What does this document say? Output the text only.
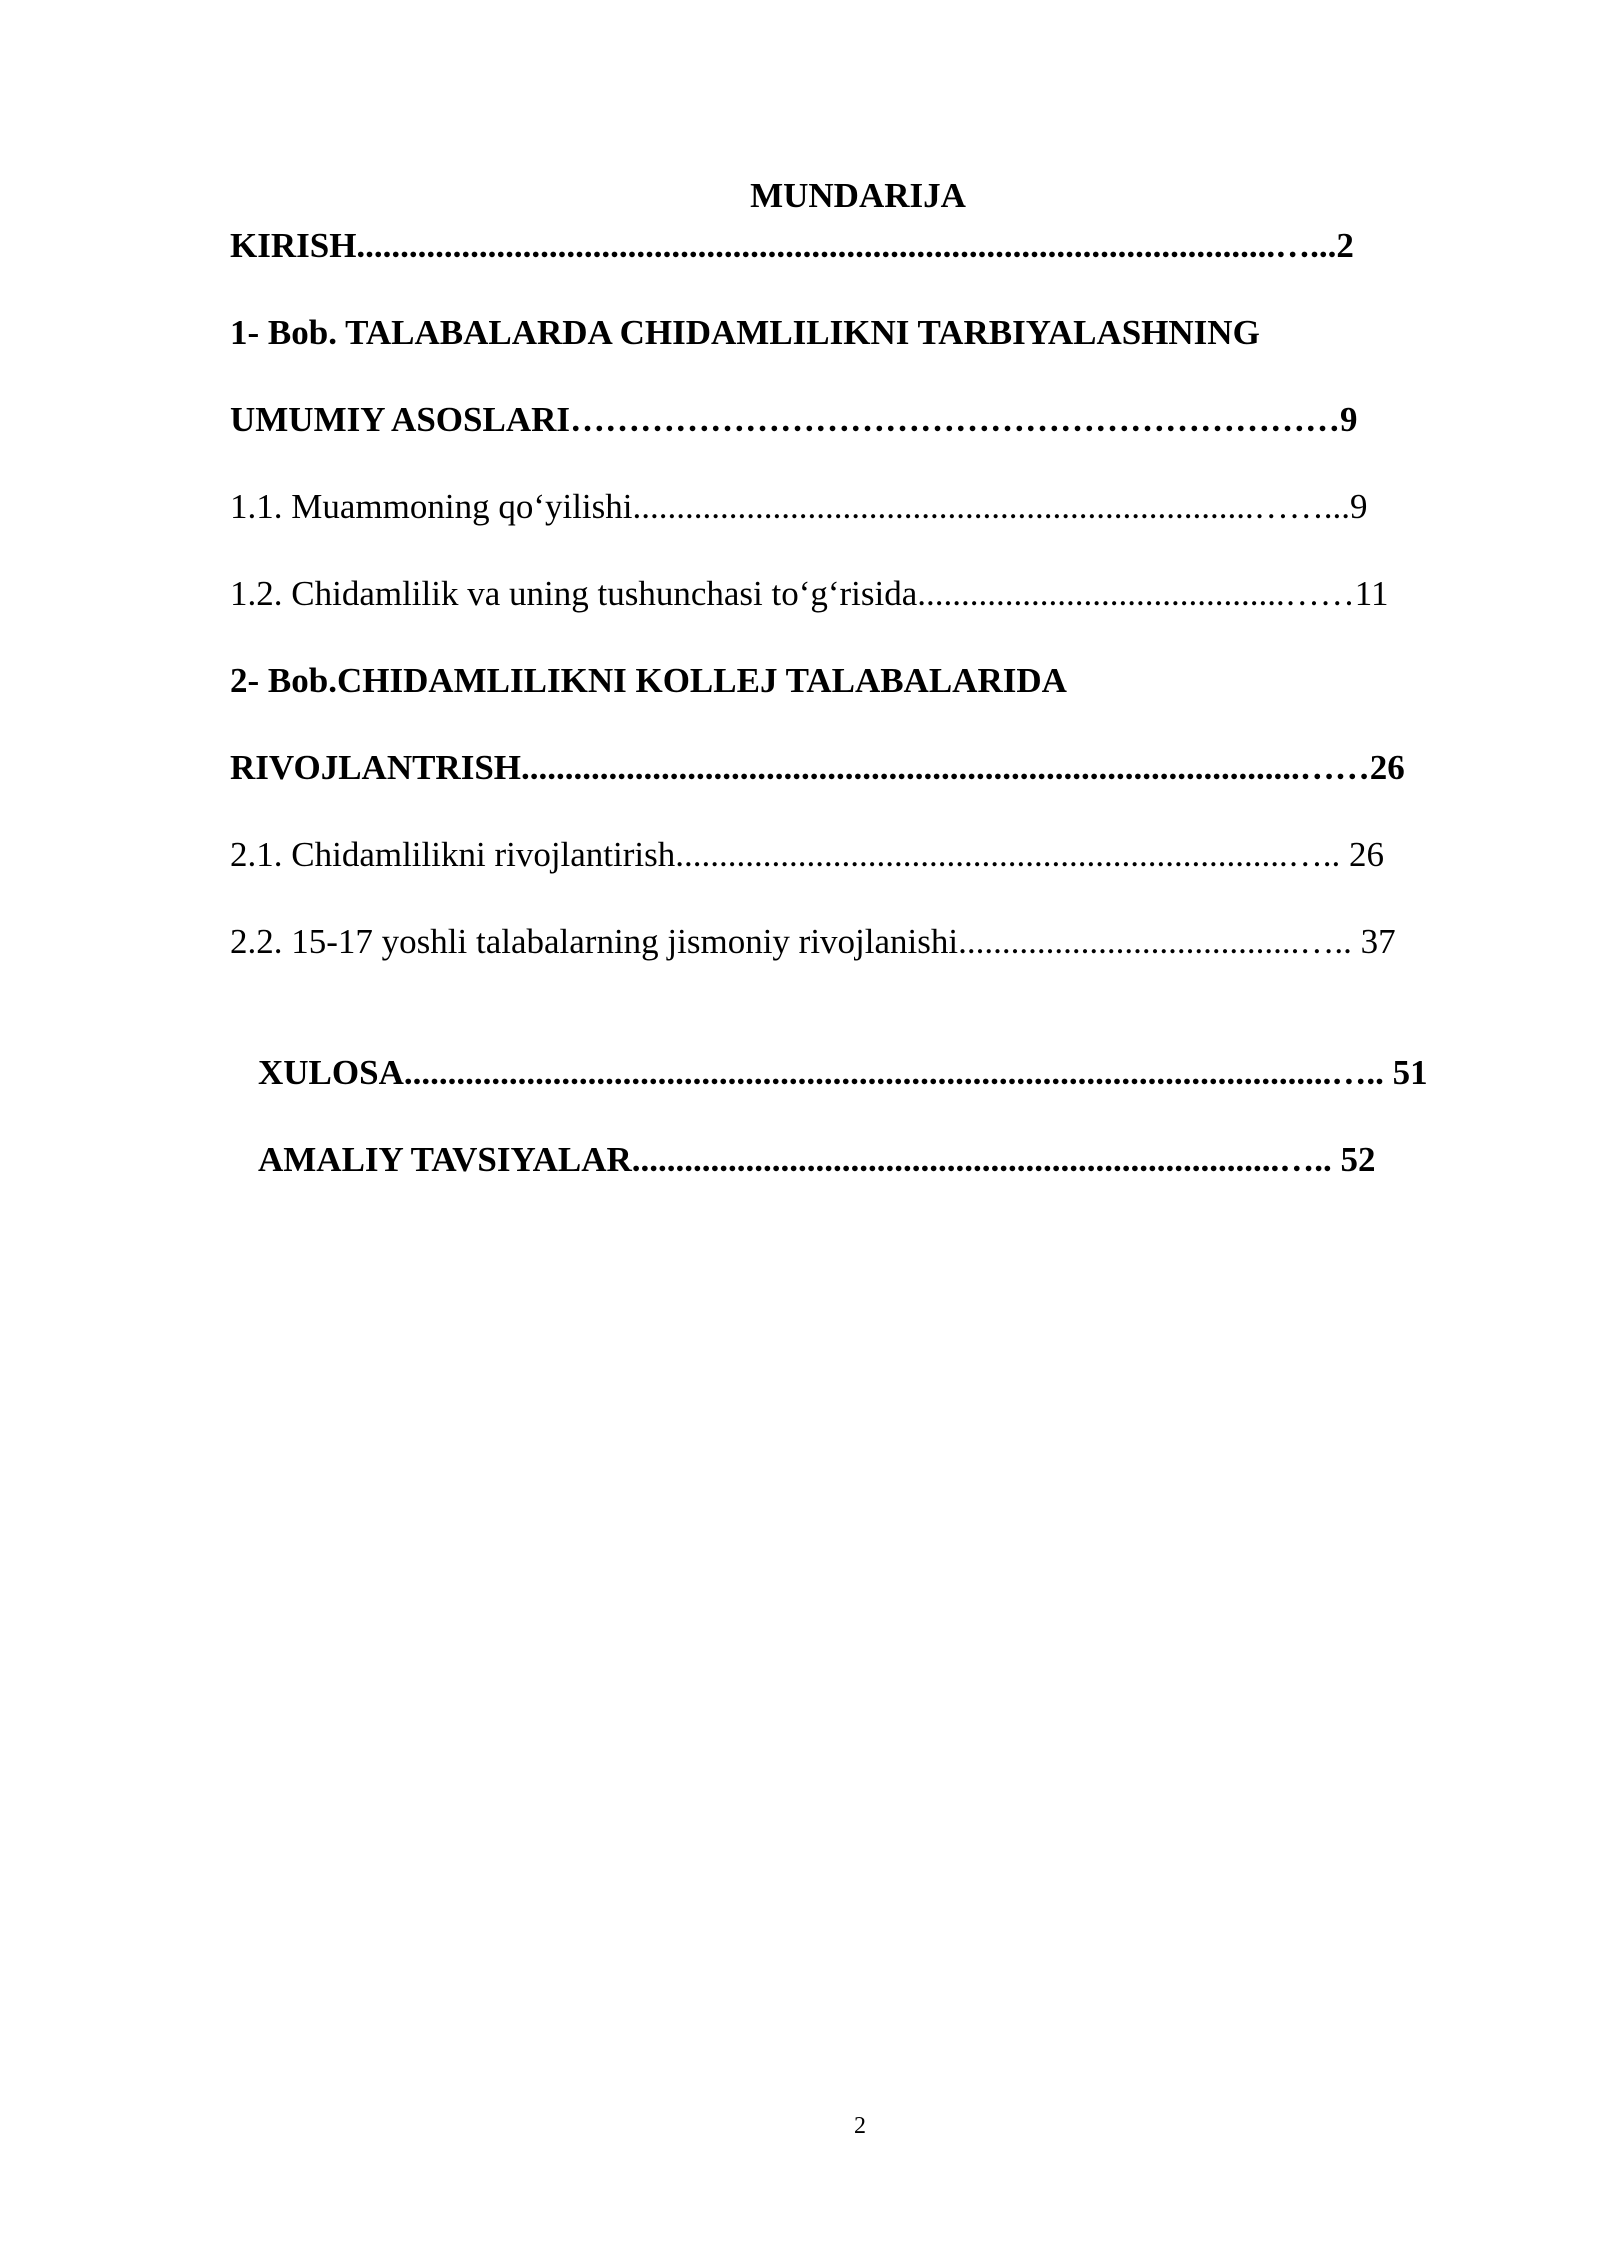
MUNDARIJA
KIRISH.........................................................................................................…...2
1- Bob. TALABALARDA CHIDAMLILIKNI TARBIYALASHNING
UMUMIY ASOSLARI…………………………………………………………9
1.1. Muammoning qo‘yilishi.......................................................................……...9
1.2. Chidamlilik va uning tushunchasi to‘g‘risida..........................................……11
2- Bob.CHIDAMLILIKNI KOLLEJ TALABALARIDA
RIVOJLANTRISH.........................................................................................……26
2.1. Chidamlilikni rivojlantirish......................................................................….. 26
2.2. 15-17 yoshli talabalarning jismoniy rivojlanishi.......................................….. 37
XULOSA..........................................................................................................….. 51
AMALIY TAVSIYALAR..........................................................................….. 52
2
